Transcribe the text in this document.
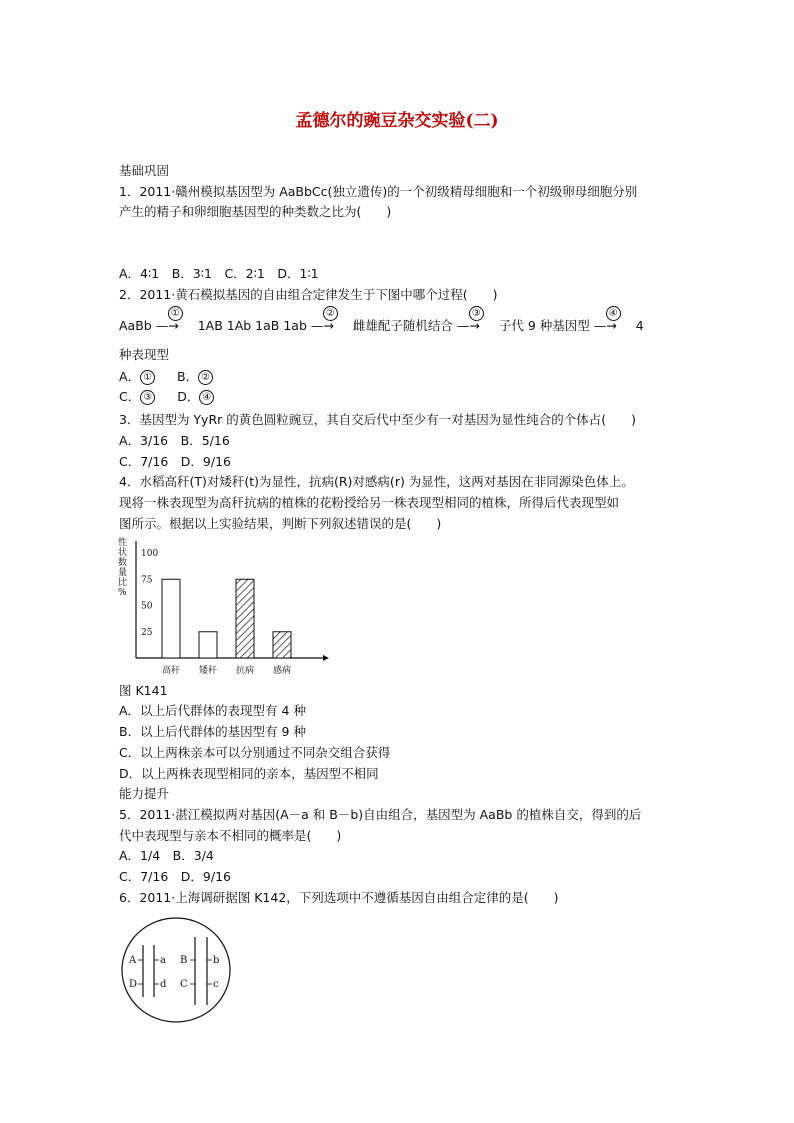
孟德尔的豌豆杂交实验(二)
基础巩固
1．2011·赣州模拟基因型为 AaBbCc(独立遗传)的一个初级精母细胞和一个初级卵母细胞分别
产生的精子和卵细胞基因型的种类数之比为(　　)
A．4∶1　B．3∶1　C．2∶1　D．1∶1
2．2011·黄石模拟基因的自由组合定律发生于下图中哪个过程(　　)
AaBb
①
—→ 1AB 1Ab 1aB 1ab
②
—→ 雌雄配子随机结合
③
—→ 子代 9 种基因型
④
—→ 4
种表现型
A． ① B． ②
C． ③ D． ④
3．基因型为 YyRr 的黄色圆粒豌豆，其自交后代中至少有一对基因为显性纯合的个体占(　　)
A．3/16　B．5/16
C．7/16　D．9/16
4．水稻高秆(T)对矮秆(t)为显性，抗病(R)对感病(r) 为显性，这两对基因在非同源染色体上。
现将一株表现型为高秆抗病的植株的花粉授给另一株表现型相同的植株，所得后代表现型如
图所示。根据以上实验结果，判断下列叙述错误的是(　　)
性
状
数
量
比
%
100
75
50
25
高秆 矮秆 抗病 感病
图 K141
A．以上后代群体的表现型有 4 种
B．以上后代群体的基因型有 9 种
C．以上两株亲本可以分别通过不同杂交组合获得
D．以上两株表现型相同的亲本，基因型不相同
能力提升
5．2011·湛江模拟两对基因(A－a 和 B－b)自由组合，基因型为 AaBb 的植株自交，得到的后
代中表现型与亲本不相同的概率是(　　)
A．1/4　B．3/4
C．7/16　D．9/16
6．2011·上海调研据图 K142，下列选项中不遵循基因自由组合定律的是(　　)
A
D
a
d
B
C
b
c
